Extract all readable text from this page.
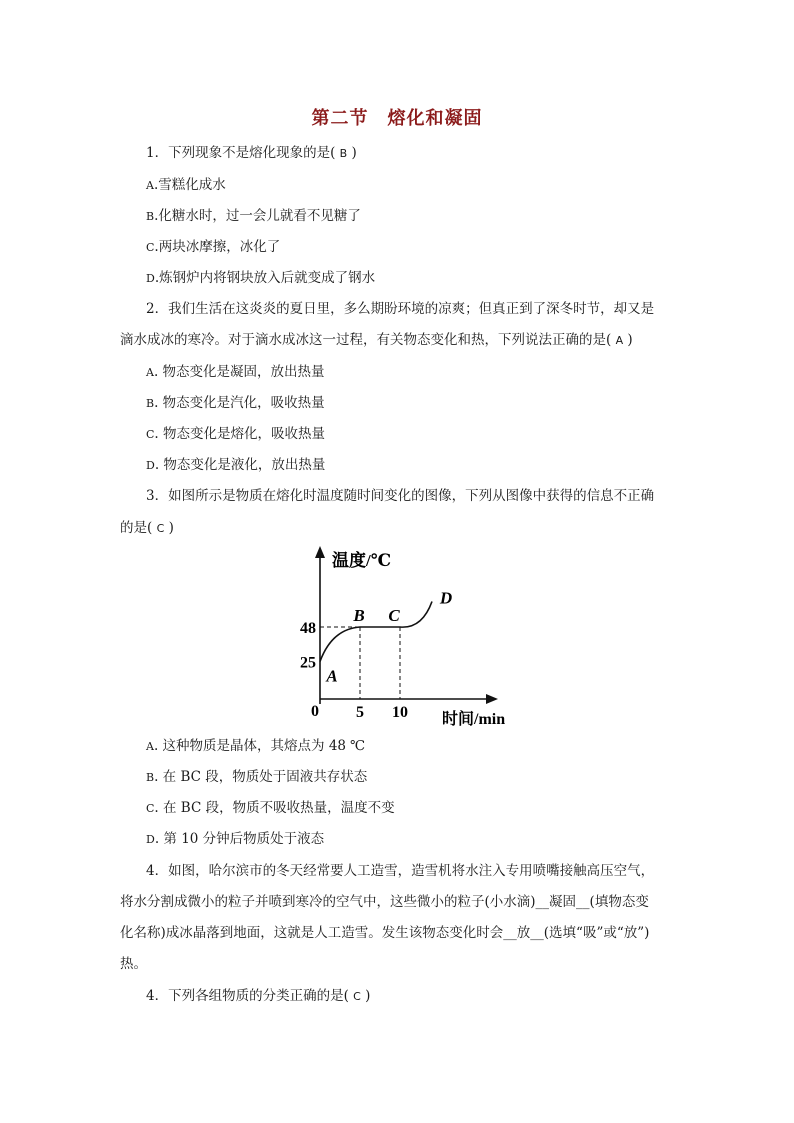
第二节　熔化和凝固
1．下列现象不是熔化现象的是( B )
A.雪糕化成水
B.化糖水时，过一会儿就看不见糖了
C.两块冰摩擦，冰化了
D.炼钢炉内将钢块放入后就变成了钢水
2．我们生活在这炎炎的夏日里，多么期盼环境的凉爽；但真正到了深冬时节，却又是
滴水成冰的寒冷。对于滴水成冰这一过程，有关物态变化和热，下列说法正确的是( A )
A. 物态变化是凝固，放出热量
B. 物态变化是汽化，吸收热量
C. 物态变化是熔化，吸收热量
D. 物态变化是液化，放出热量
3．如图所示是物质在熔化时温度随时间变化的图像，下列从图像中获得的信息不正确
的是( C )
5 10
25
48
A
B C
D
温度/℃
时间/min
0
A. 这种物质是晶体，其熔点为 48 ℃
B. 在 BC 段，物质处于固液共存状态
C. 在 BC 段，物质不吸收热量，温度不变
D. 第 10 分钟后物质处于液态
4．如图，哈尔滨市的冬天经常要人工造雪，造雪机将水注入专用喷嘴接触高压空气，
将水分割成微小的粒子并喷到寒冷的空气中，这些微小的粒子(小水滴)__凝固__(填物态变
化名称)成冰晶落到地面，这就是人工造雪。发生该物态变化时会__放__(选填“吸”或“放”)
热。
4．下列各组物质的分类正确的是( C )
